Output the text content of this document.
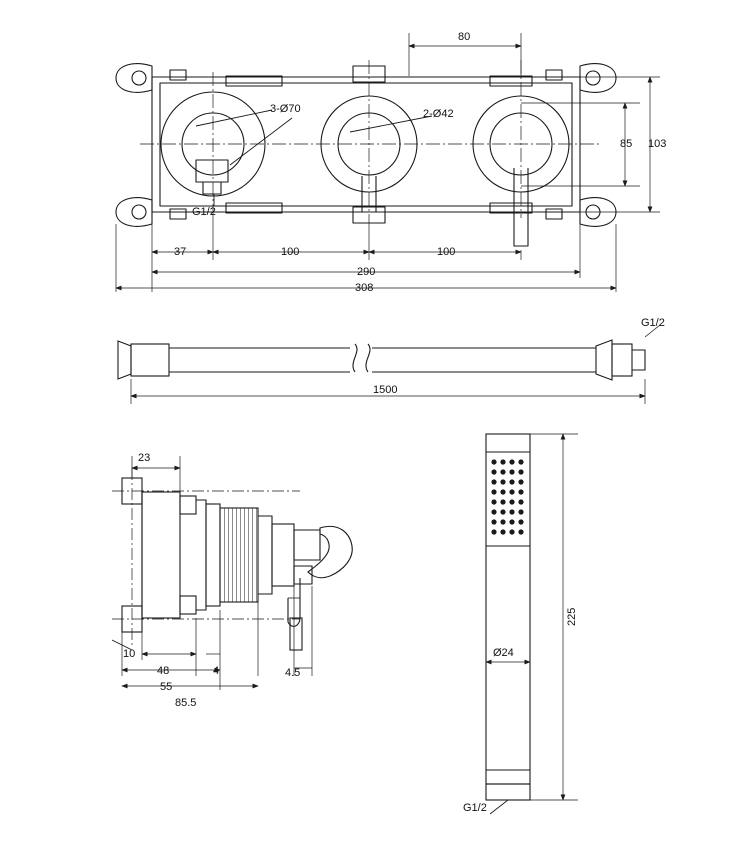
80
85 103
37	100	100
290
308
3-Ø70	2-Ø42
G1/2
1500
G1/2
23
10
48	4	4.5
55
85.5
225
Ø24
G1/2
